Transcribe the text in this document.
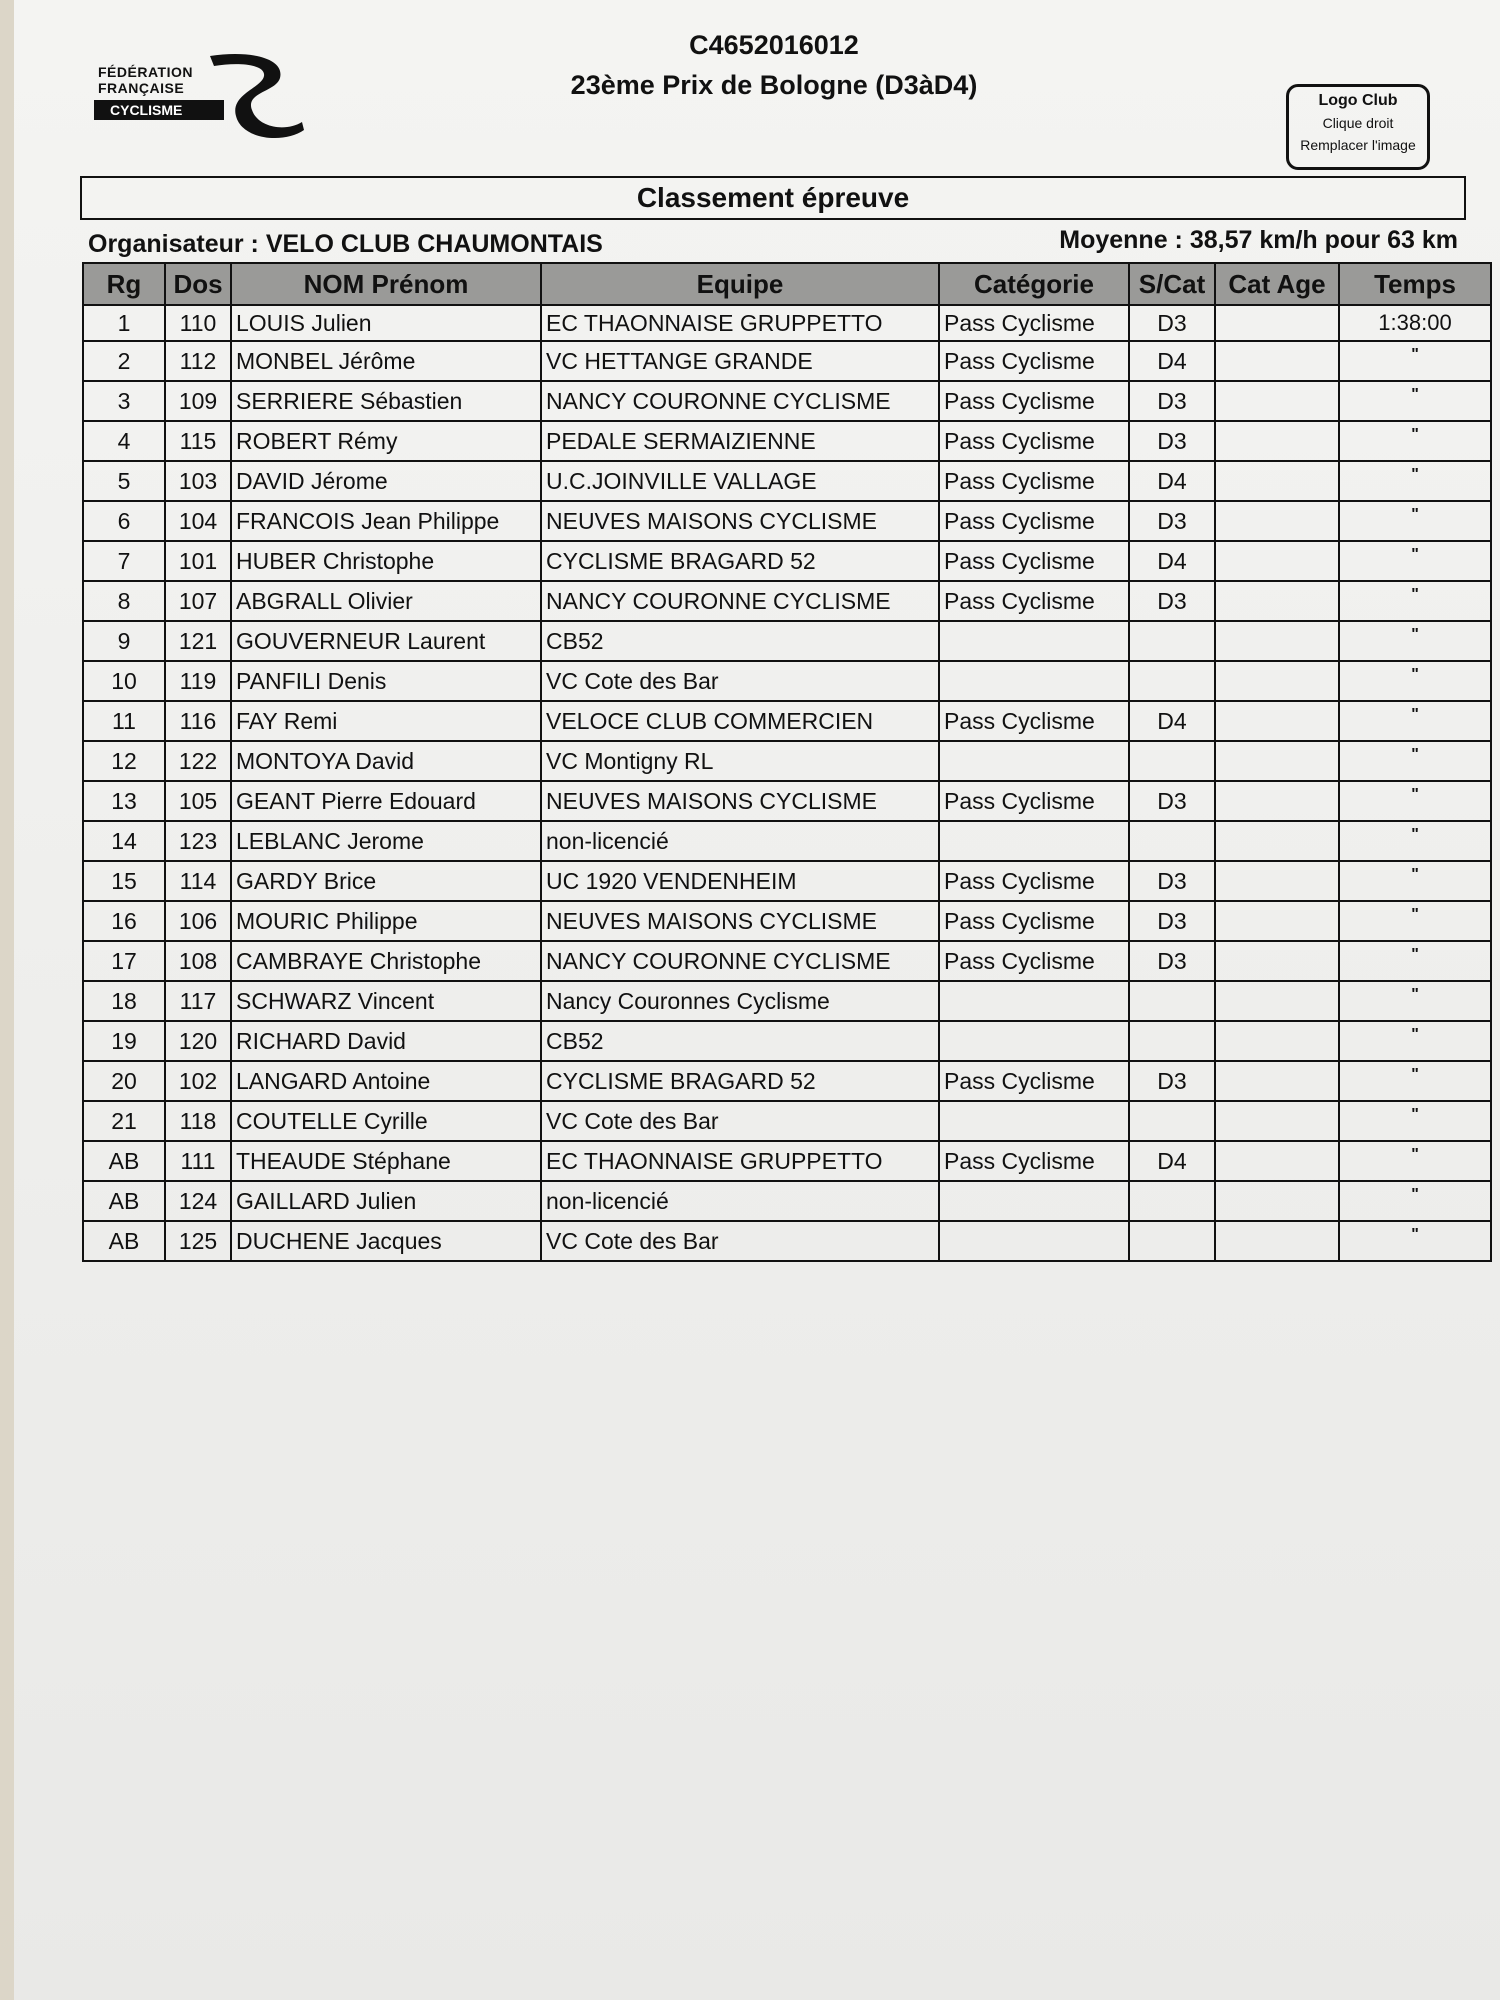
FÉDÉRATION
FRANÇAISE
CYCLISME
C4652016012
23ème Prix de Bologne (D3àD4)
Logo Club
Clique droit
Remplacer l'image
Classement épreuve
Organisateur : VELO CLUB CHAUMONTAIS	Moyenne : 38,57 km/h pour 63 km
Rg	Dos	NOM Prénom	Equipe	Catégorie	S/Cat	Cat Age	Temps
1	110	LOUIS Julien	EC THAONNAISE GRUPPETTO	Pass Cyclisme	D3		1:38:00
2	112	MONBEL Jérôme	VC HETTANGE GRANDE	Pass Cyclisme	D4		"
3	109	SERRIERE Sébastien	NANCY COURONNE CYCLISME	Pass Cyclisme	D3		"
4	115	ROBERT Rémy	PEDALE SERMAIZIENNE	Pass Cyclisme	D3		"
5	103	DAVID Jérome	U.C.JOINVILLE VALLAGE	Pass Cyclisme	D4		"
6	104	FRANCOIS Jean Philippe	NEUVES MAISONS CYCLISME	Pass Cyclisme	D3		"
7	101	HUBER Christophe	CYCLISME BRAGARD 52	Pass Cyclisme	D4		"
8	107	ABGRALL Olivier	NANCY COURONNE CYCLISME	Pass Cyclisme	D3		"
9	121	GOUVERNEUR Laurent	CB52				"
10	119	PANFILI Denis	VC Cote des Bar				"
11	116	FAY Remi	VELOCE CLUB COMMERCIEN	Pass Cyclisme	D4		"
12	122	MONTOYA David	VC Montigny RL				"
13	105	GEANT Pierre Edouard	NEUVES MAISONS CYCLISME	Pass Cyclisme	D3		"
14	123	LEBLANC Jerome	non-licencié				"
15	114	GARDY Brice	UC 1920 VENDENHEIM	Pass Cyclisme	D3		"
16	106	MOURIC Philippe	NEUVES MAISONS CYCLISME	Pass Cyclisme	D3		"
17	108	CAMBRAYE Christophe	NANCY COURONNE CYCLISME	Pass Cyclisme	D3		"
18	117	SCHWARZ Vincent	Nancy Couronnes Cyclisme				"
19	120	RICHARD David	CB52				"
20	102	LANGARD Antoine	CYCLISME BRAGARD 52	Pass Cyclisme	D3		"
21	118	COUTELLE Cyrille	VC Cote des Bar				"
AB	111	THEAUDE Stéphane	EC THAONNAISE GRUPPETTO	Pass Cyclisme	D4		"
AB	124	GAILLARD Julien	non-licencié				"
AB	125	DUCHENE Jacques	VC Cote des Bar				"
